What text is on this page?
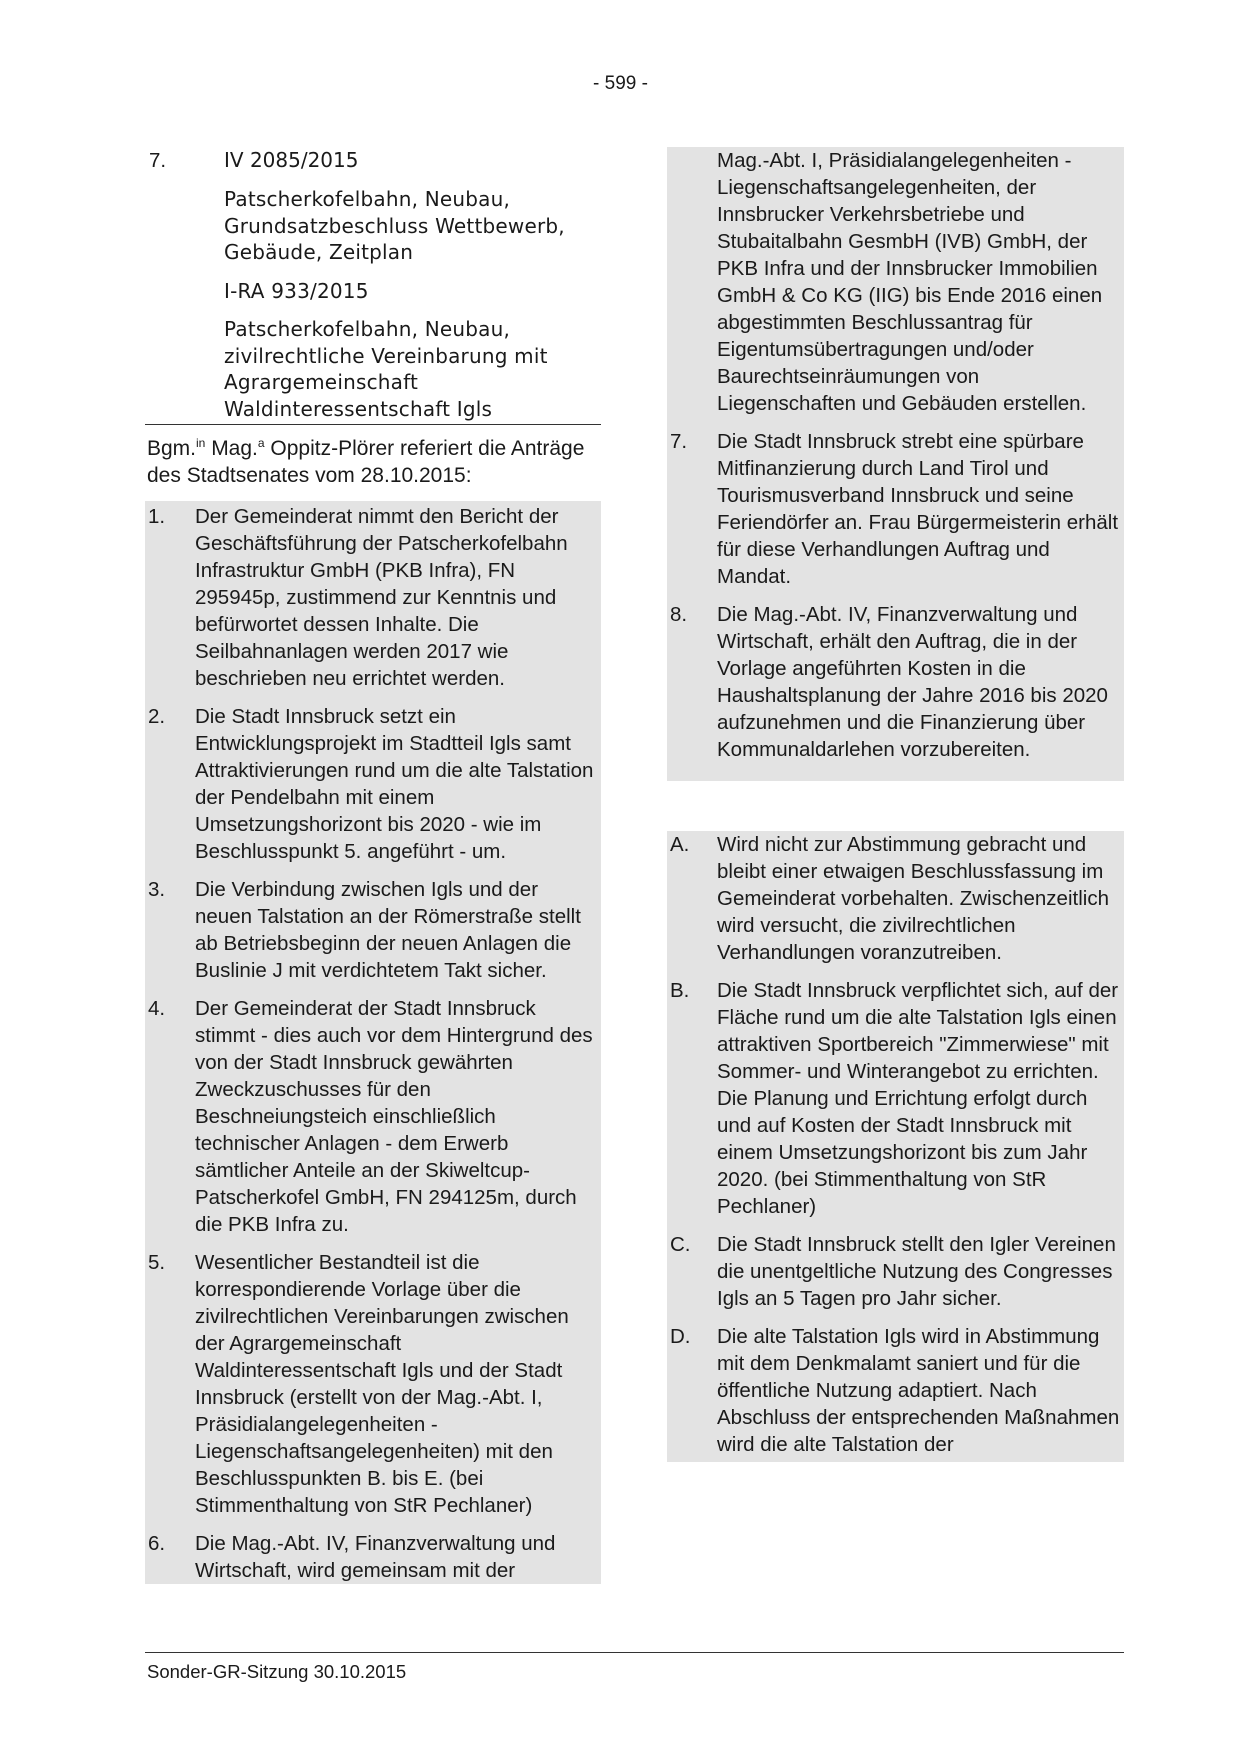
- 599 -
7.	IV 2085/2015
Patscherkofelbahn, Neubau, Grundsatzbeschluss Wettbewerb, Gebäude, Zeitplan
I-RA 933/2015
Patscherkofelbahn, Neubau, zivilrechtliche Vereinbarung mit Agrargemeinschaft Waldinteressentschaft Igls
Bgm.$^{in}$ Mag.$^a$ Oppitz-Plörer referiert die Anträge des Stadtsenates vom 28.10.2015:
1.	Der Gemeinderat nimmt den Bericht der Geschäftsführung der Patscherkofelbahn Infrastruktur GmbH (PKB Infra), FN 295945p, zustimmend zur Kenntnis und befürwortet dessen Inhalte. Die Seilbahnanlagen werden 2017 wie beschrieben neu errichtet werden.
2.	Die Stadt Innsbruck setzt ein Entwicklungsprojekt im Stadtteil Igls samt Attraktivierungen rund um die alte Talstation der Pendelbahn mit einem Umsetzungshorizont bis 2020 - wie im Beschlusspunkt 5. angeführt - um.
3.	Die Verbindung zwischen Igls und der neuen Talstation an der Römerstraße stellt ab Betriebsbeginn der neuen Anlagen die Buslinie J mit verdichtetem Takt sicher.
4.	Der Gemeinderat der Stadt Innsbruck stimmt - dies auch vor dem Hintergrund des von der Stadt Innsbruck gewährten Zweckzuschusses für den Beschneiungsteich einschließlich technischer Anlagen - dem Erwerb sämtlicher Anteile an der Skiweltcup-Patscherkofel GmbH, FN 294125m, durch die PKB Infra zu.
5.	Wesentlicher Bestandteil ist die korrespondierende Vorlage über die zivilrechtlichen Vereinbarungen zwischen der Agrargemeinschaft Waldinteressentschaft Igls und der Stadt Innsbruck (erstellt von der Mag.-Abt. I, Präsidialangelegenheiten - Liegenschaftsangelegenheiten) mit den Beschlusspunkten B. bis E. (bei Stimmenthaltung von StR Pechlaner)
6.	Die Mag.-Abt. IV, Finanzverwaltung und Wirtschaft, wird gemeinsam mit der
Mag.-Abt. I, Präsidialangelegenheiten - Liegenschaftsangelegenheiten, der Innsbrucker Verkehrsbetriebe und Stubaitalbahn GesmbH (IVB) GmbH, der PKB Infra und der Innsbrucker Immobilien GmbH & Co KG (IIG) bis Ende 2016 einen abgestimmten Beschlussantrag für Eigentumsübertragungen und/oder Baurechtseinräumungen von Liegenschaften und Gebäuden erstellen.
7.	Die Stadt Innsbruck strebt eine spürbare Mitfinanzierung durch Land Tirol und Tourismusverband Innsbruck und seine Feriendörfer an. Frau Bürgermeisterin erhält für diese Verhandlungen Auftrag und Mandat.
8.	Die Mag.-Abt. IV, Finanzverwaltung und Wirtschaft, erhält den Auftrag, die in der Vorlage angeführten Kosten in die Haushaltsplanung der Jahre 2016 bis 2020 aufzunehmen und die Finanzierung über Kommunaldarlehen vorzubereiten.
A.	Wird nicht zur Abstimmung gebracht und bleibt einer etwaigen Beschlussfassung im Gemeinderat vorbehalten. Zwischenzeitlich wird versucht, die zivilrechtlichen Verhandlungen voranzutreiben.
B.	Die Stadt Innsbruck verpflichtet sich, auf der Fläche rund um die alte Talstation Igls einen attraktiven Sportbereich "Zimmerwiese" mit Sommer- und Winterangebot zu errichten. Die Planung und Errichtung erfolgt durch und auf Kosten der Stadt Innsbruck mit einem Umsetzungshorizont bis zum Jahr 2020. (bei Stimmenthaltung von StR Pechlaner)
C.	Die Stadt Innsbruck stellt den Igler Vereinen die unentgeltliche Nutzung des Congresses Igls an 5 Tagen pro Jahr sicher.
D.	Die alte Talstation Igls wird in Abstimmung mit dem Denkmalamt saniert und für die öffentliche Nutzung adaptiert. Nach Abschluss der entsprechenden Maßnahmen wird die alte Talstation der
Sonder-GR-Sitzung 30.10.2015
